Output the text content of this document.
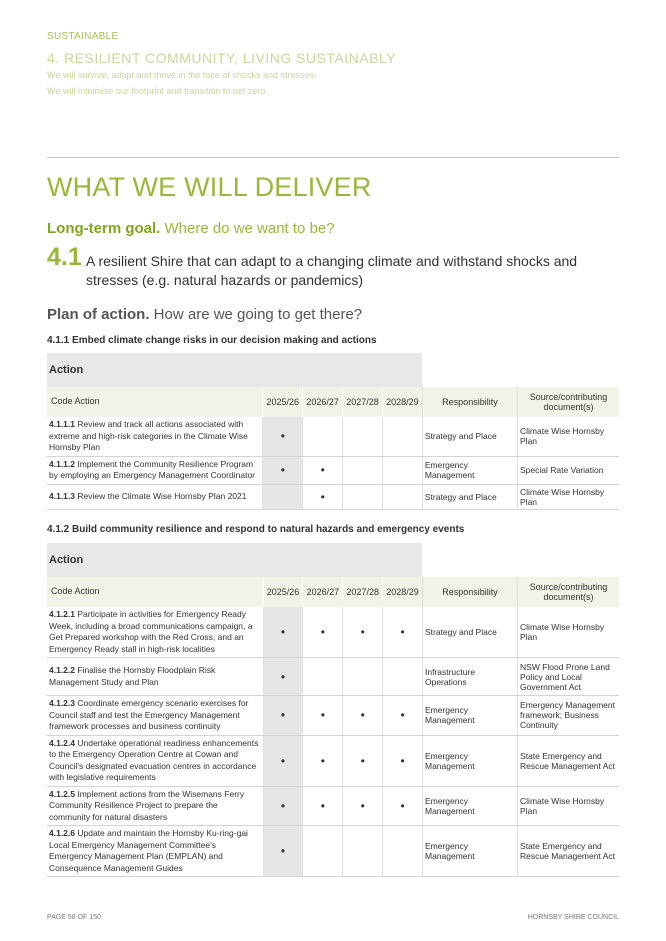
SUSTAINABLE
4. RESILIENT COMMUNITY, LIVING SUSTAINABLY
We will survive, adapt and thrive in the face of shocks and stresses.
We will minimise our footprint and transition to net zero.
WHAT WE WILL DELIVER
Long-term goal. Where do we want to be?
4.1 A resilient Shire that can adapt to a changing climate and withstand shocks and stresses (e.g. natural hazards or pandemics)
Plan of action. How are we going to get there?
4.1.1 Embed climate change risks in our decision making and actions
Action						
Code Action	2025/26	2026/27	2027/28	2028/29	Responsibility	Source/contributing document(s)
4.1.1.1 Review and track all actions associated with extreme and high-risk categories in the Climate Wise Hornsby Plan	•				Strategy and Place	Climate Wise Hornsby Plan
4.1.1.2 Implement the Community Resilience Program by employing an Emergency Management Coordinator	•	•			Emergency Management	Special Rate Variation
4.1.1.3 Review the Climate Wise Hornsby Plan 2021		•			Strategy and Place	Climate Wise Hornsby Plan
4.1.2 Build community resilience and respond to natural hazards and emergency events
Action						
Code Action	2025/26	2026/27	2027/28	2028/29	Responsibility	Source/contributing document(s)
4.1.2.1 Participate in activities for Emergency Ready Week, including a broad communications campaign, a Get Prepared workshop with the Red Cross, and an Emergency Ready stall in high-risk localities	•	•	•	•	Strategy and Place	Climate Wise Hornsby Plan
4.1.2.2 Finalise the Hornsby Floodplain Risk Management Study and Plan	•				Infrastructure Operations	NSW Flood Prone Land Policy and Local Government Act
4.1.2.3 Coordinate emergency scenario exercises for Council staff and test the Emergency Management framework processes and business continuity	•	•	•	•	Emergency Management	Emergency Management framework; Business Continuity
4.1.2.4 Undertake operational readiness enhancements to the Emergency Operation Centre at Cowan and Council's designated evacuation centres in accordance with legislative requirements	•	•	•	•	Emergency Management	State Emergency and Rescue Management Act
4.1.2.5 Implement actions from the Wisemans Ferry Community Resilience Project to prepare the community for natural disasters	•	•	•	•	Emergency Management	Climate Wise Hornsby Plan
4.1.2.6 Update and maintain the Hornsby Ku-ring-gai Local Emergency Management Committee's Emergency Management Plan (EMPLAN) and Consequence Management Guides	•				Emergency Management	State Emergency and Rescue Management Act
PAGE 58 OF 150	HORNSBY SHIRE COUNCIL
